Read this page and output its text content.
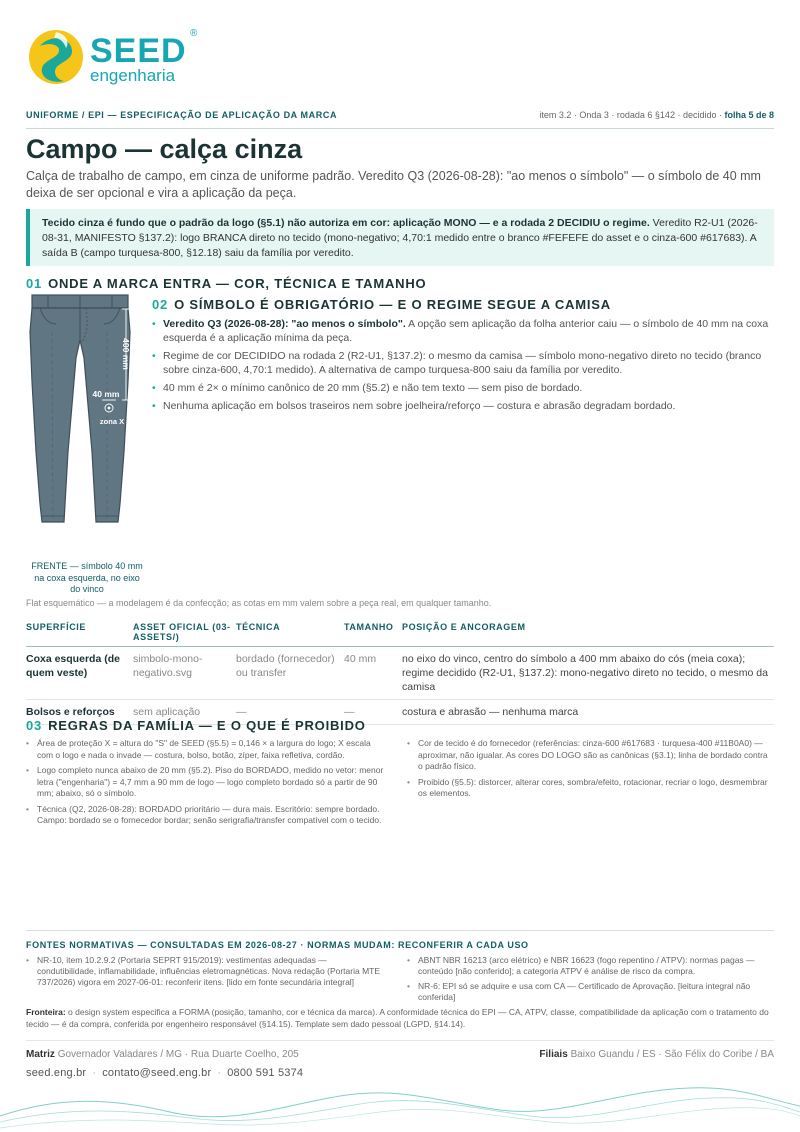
SEED ®
engenharia
UNIFORME / EPI — ESPECIFICAÇÃO DE APLICAÇÃO DA MARCA	item 3.2 · Onda 3 · rodada 6 §142 · decidido · folha 5 de 8
Campo — calça cinza

Calça de trabalho de campo, em cinza de uniforme padrão. Veredito Q3 (2026-08-28): "ao menos o símbolo" — o símbolo de 40 mm deixa de ser opcional e vira a aplicação da peça.

Tecido cinza é fundo que o padrão da logo (§5.1) não autoriza em cor: aplicação MONO — e a rodada 2 DECIDIU o regime. Veredito R2-U1 (2026-08-31, MANIFESTO §137.2): logo BRANCA direto no tecido (mono-negativo; 4,70:1 medido entre o branco #FEFEFE do asset e o cinza-600 #617683). A saída B (campo turquesa-800, §12.18) saiu da família por veredito.
01 ONDE A MARCA ENTRA — COR, TÉCNICA E TAMANHO
400 mm
40 mm
zona X
FRENTE — símbolo 40 mm na coxa esquerda, no eixo do vinco
02 O SÍMBOLO É OBRIGATÓRIO — E O REGIME SEGUE A CAMISA
• Veredito Q3 (2026-08-28): "ao menos o símbolo". A opção sem aplicação da folha anterior caiu — o símbolo de 40 mm na coxa esquerda é a aplicação mínima da peça.
• Regime de cor DECIDIDO na rodada 2 (R2-U1, §137.2): o mesmo da camisa — símbolo mono-negativo direto no tecido (branco sobre cinza-600, 4,70:1 medido). A alternativa de campo turquesa-800 saiu da família por veredito.
• 40 mm é 2× o mínimo canônico de 20 mm (§5.2) e não tem texto — sem piso de bordado.
• Nenhuma aplicação em bolsos traseiros nem sobre joelheira/reforço — costura e abrasão degradam bordado.
Flat esquemático — a modelagem é da confecção; as cotas em mm valem sobre a peça real, em qualquer tamanho.
SUPERFÍCIE	ASSET OFICIAL (03-ASSETS/)	TÉCNICA	TAMANHO	POSIÇÃO E ANCORAGEM
Coxa esquerda (de quem veste)	simbolo-mono-negativo.svg	bordado (fornecedor) ou transfer	40 mm	no eixo do vinco, centro do símbolo a 400 mm abaixo do cós (meia coxa); regime decidido (R2-U1, §137.2): mono-negativo direto no tecido, o mesmo da camisa
Bolsos e reforços	sem aplicação	—	—	costura e abrasão — nenhuma marca
03 REGRAS DA FAMÍLIA — E O QUE É PROIBIDO
• Área de proteção X = altura do "S" de SEED (§5.5) = 0,146 × a largura do logo; X escala com o logo e nada o invade — costura, bolso, botão, zíper, faixa refletiva, cordão.
• Logo completo nunca abaixo de 20 mm (§5.2). Piso do BORDADO, medido no vetor: menor letra ("engenharia") = 4,7 mm a 90 mm de logo — logo completo bordado só a partir de 90 mm; abaixo, só o símbolo.
• Técnica (Q2, 2026-08-28): BORDADO prioritário — dura mais. Escritório: sempre bordado. Campo: bordado se o fornecedor bordar; senão serigrafia/transfer compatível com o tecido.
• Cor de tecido é do fornecedor (referências: cinza-600 #617683 · turquesa-400 #11B0A0) — aproximar, não igualar. As cores DO LOGO são as canônicas (§3.1); linha de bordado contra o padrão físico.
• Proibido (§5.5): distorcer, alterar cores, sombra/efeito, rotacionar, recriar o logo, desmembrar os elementos.
FONTES NORMATIVAS — CONSULTADAS EM 2026-08-27 · NORMAS MUDAM: RECONFERIR A CADA USO
• NR-10, item 10.2.9.2 (Portaria SEPRT 915/2019): vestimentas adequadas — condutibilidade, inflamabilidade, influências eletromagnéticas. Nova redação (Portaria MTE 737/2026) vigora em 2027-06-01: reconferir itens. [lido em fonte secundária integral]
• ABNT NBR 16213 (arco elétrico) e NBR 16623 (fogo repentino / ATPV): normas pagas — conteúdo [não conferido]; a categoria ATPV é análise de risco da compra.
• NR-6: EPI só se adquire e usa com CA — Certificado de Aprovação. [leitura integral não conferida]

Fronteira: o design system especifica a FORMA (posição, tamanho, cor e técnica da marca). A conformidade técnica do EPI — CA, ATPV, classe, compatibilidade da aplicação com o tratamento do tecido — é da compra, conferida por engenheiro responsável (§14.15). Template sem dado pessoal (LGPD, §14.14).

Matriz Governador Valadares / MG · Rua Duarte Coelho, 205	Filiais Baixo Guandu / ES · São Félix do Coribe / BA
seed.eng.br · contato@seed.eng.br · 0800 591 5374
